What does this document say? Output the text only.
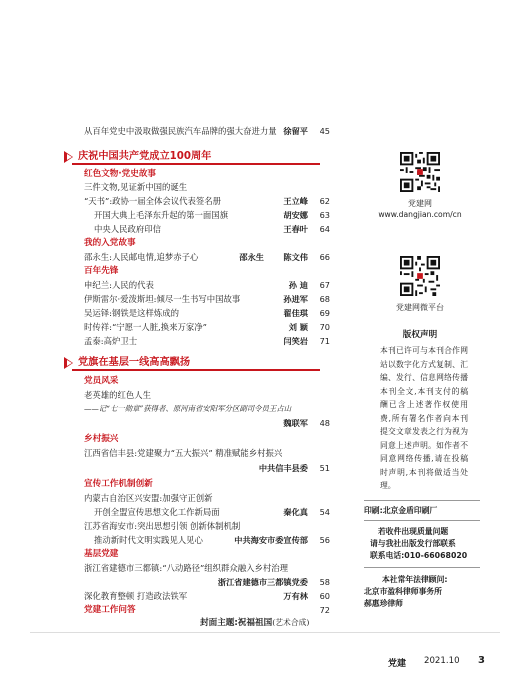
从百年党史中汲取做强民族汽车品牌的强大奋进力量 徐留平 45
庆祝中国共产党成立100周年
红色文物·党史故事
三件文物,见证新中国的诞生
“天书”:政协一届全体会议代表签名册	王立峰 62
开国大典上毛泽东升起的第一面国旗	胡安娜 63
中央人民政府印信	王春叶 64
我的入党故事
邵永生:人民邮电情,追梦赤子心	邵永生 陈文伟 66
百年先锋
申纪兰:人民的代表	孙 迪 67
伊斯雷尔·爱泼斯坦:倾尽一生书写中国故事	孙进军 68
吴运铎:钢铁是这样炼成的	翟佳琪 69
时传祥:“宁愿一人脏,换来万家净”	刘 颖 70
孟泰:高炉卫士	闫笑岩 71
党旗在基层一线高高飘扬
党员风采
老英雄的红色人生
——记“七一勋章”获得者、原河南省安阳军分区副司令员王占山
魏联军 48
乡村振兴
江西省信丰县:党建聚力“五大振兴” 精准赋能乡村振兴
中共信丰县委 51
宣传工作机制创新
内蒙古自治区兴安盟:加强守正创新
开创全盟宣传思想文化工作新局面	秦化真 54
江苏省海安市:突出思想引领 创新体制机制
推动新时代文明实践见人见心	中共海安市委宣传部 56
基层党建
浙江省建德市三都镇:“八动路径”组织群众融入乡村治理
浙江省建德市三都镇党委 58
深化教育整顿 打造政法铁军	万有林 60
党建工作问答	72
党建网
www.dangjian.com/cn
党建网微平台
版权声明
本刊已许可与本刊合作网站以数字化方式复制、汇编、发行、信息网络传播本刊全文,本刊支付的稿酬已含上述著作权使用费,所有署名作者向本刊提交文章发表之行为视为同意上述声明。如作者不同意网络传播,请在投稿时声明,本刊将做适当处理。
印刷:北京金盾印刷厂
若收件出现质量问题
请与我社出版发行部联系
联系电话:010-66068020
本社常年法律顾问:
北京市盈科律师事务所
郝惠珍律师
封面主题:祝福祖国(艺术合成)
党建 2021.10 3
